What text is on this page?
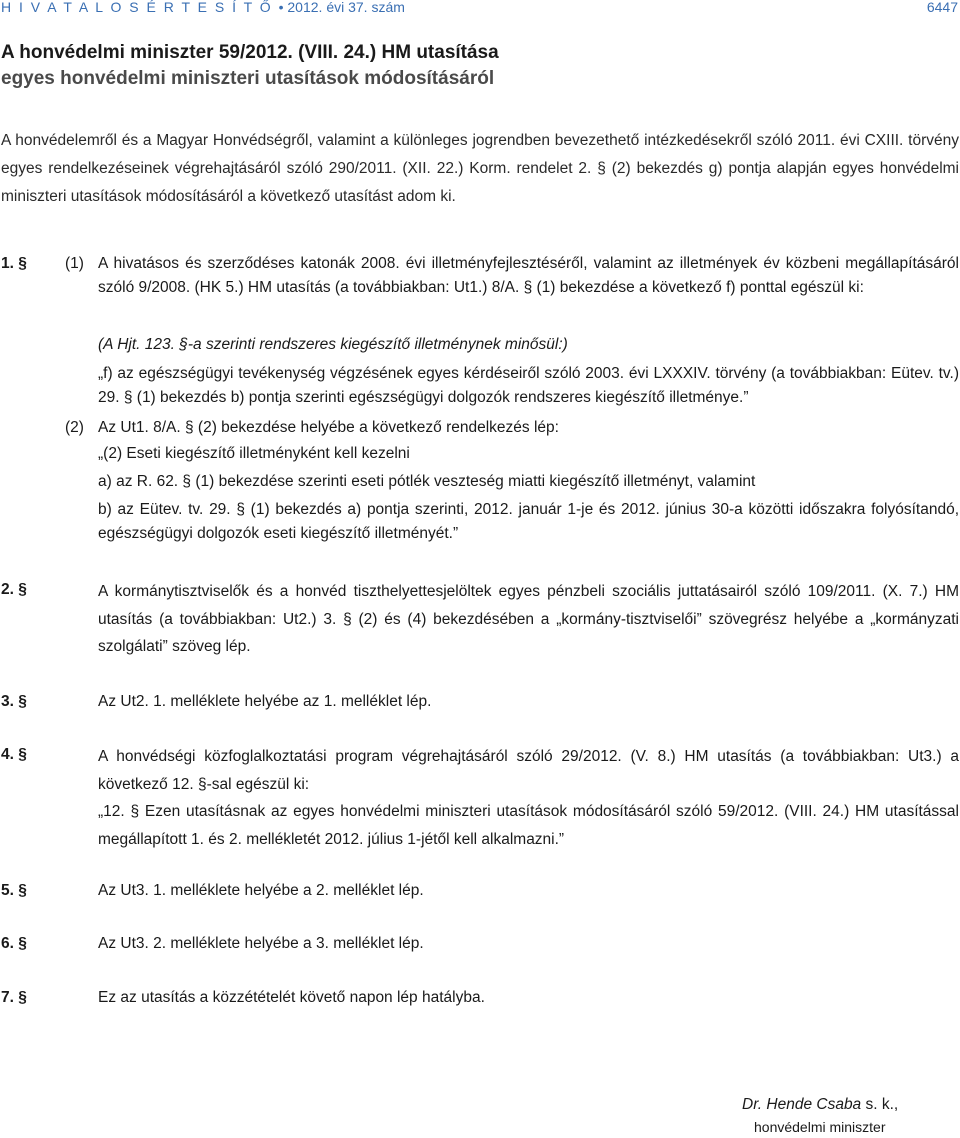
H I V A T A L O S É R T E S Í T Ő • 2012. évi 37. szám	6447
A honvédelmi miniszter 59/2012. (VIII. 24.) HM utasítása
egyes honvédelmi miniszteri utasítások módosításáról
A honvédelemről és a Magyar Honvédségről, valamint a különleges jogrendben bevezethető intézkedésekről szóló 2011. évi CXIII. törvény egyes rendelkezéseinek végrehajtásáról szóló 290/2011. (XII. 22.) Korm. rendelet 2. § (2) bekezdés g) pontja alapján egyes honvédelmi miniszteri utasítások módosításáról a következő utasítást adom ki.
1. §	(1) A hivatásos és szerződéses katonák 2008. évi illetményfejlesztéséről, valamint az illetmények év közbeni megállapításáról szóló 9/2008. (HK 5.) HM utasítás (a továbbiakban: Ut1.) 8/A. § (1) bekezdése a következő f) ponttal egészül ki:
(A Hjt. 123. §-a szerinti rendszeres kiegészítő illetménynek minősül:)
„f) az egészségügyi tevékenység végzésének egyes kérdéseiről szóló 2003. évi LXXXIV. törvény (a továbbiakban: Eütev. tv.) 29. § (1) bekezdés b) pontja szerinti egészségügyi dolgozók rendszeres kiegészítő illetménye.”
(2) Az Ut1. 8/A. § (2) bekezdése helyébe a következő rendelkezés lép:
„(2) Eseti kiegészítő illetményként kell kezelni
a) az R. 62. § (1) bekezdése szerinti eseti pótlék veszteség miatti kiegészítő illetményt, valamint
b) az Eütev. tv. 29. § (1) bekezdés a) pontja szerinti, 2012. január 1-je és 2012. június 30-a közötti időszakra folyósítandó, egészségügyi dolgozók eseti kiegészítő illetményét.”
2. §	A kormánytisztviselők és a honvéd tiszthelyettesjelöltek egyes pénzbeli szociális juttatásairól szóló 109/2011. (X. 7.) HM utasítás (a továbbiakban: Ut2.) 3. § (2) és (4) bekezdésében a „kormány-tisztviselői” szövegrész helyébe a „kormányzati szolgálati” szöveg lép.
3. §	Az Ut2. 1. melléklete helyébe az 1. melléklet lép.
4. §	A honvédségi közfoglalkoztatási program végrehajtásáról szóló 29/2012. (V. 8.) HM utasítás (a továbbiakban: Ut3.) a következő 12. §-sal egészül ki:
„12. § Ezen utasításnak az egyes honvédelmi miniszteri utasítások módosításáról szóló 59/2012. (VIII. 24.) HM utasítással megállapított 1. és 2. mellékletét 2012. július 1-jétől kell alkalmazni.”
5. §	Az Ut3. 1. melléklete helyébe a 2. melléklet lép.
6. §	Az Ut3. 2. melléklete helyébe a 3. melléklet lép.
7. §	Ez az utasítás a közzétételét követő napon lép hatályba.
Dr. Hende Csaba s. k.,
honvédelmi miniszter
